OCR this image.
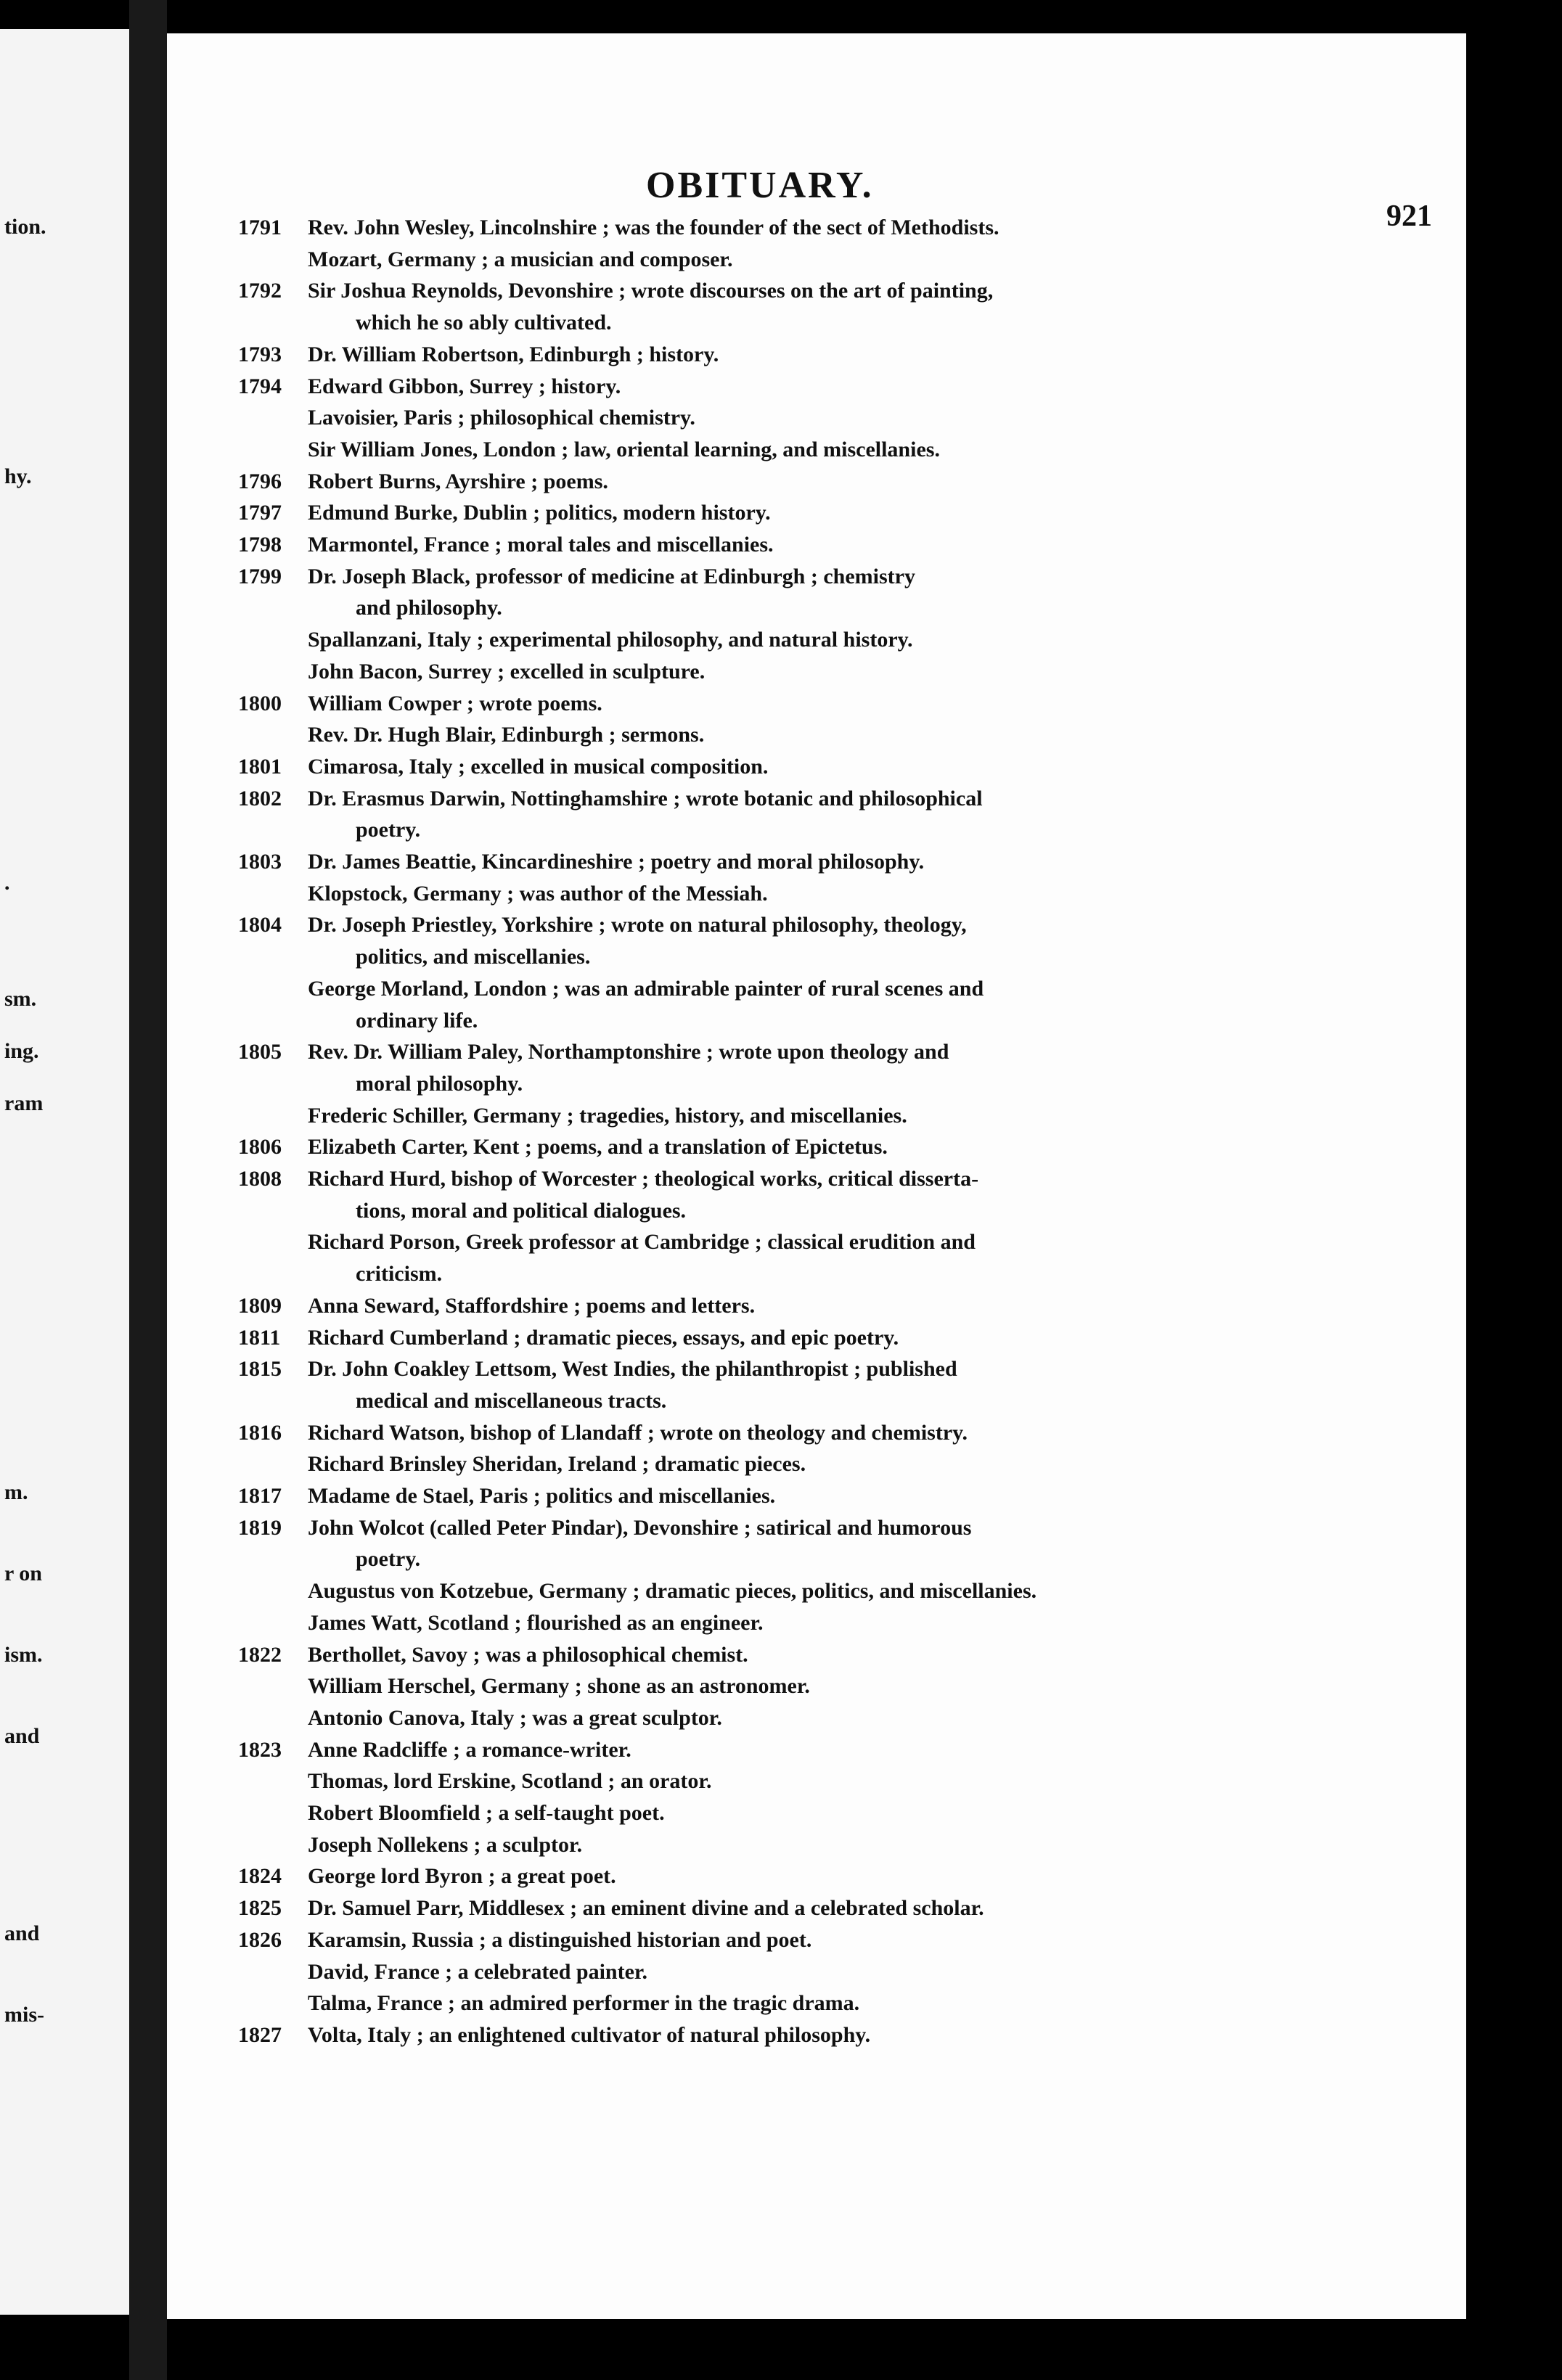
tion.
hy.
.
sm.
ing.
ram
m.
r on
ism.
and
and
mis-
OBITUARY.
921
1791 Rev. John Wesley, Lincolnshire ; was the founder of the sect of Methodists.
Mozart, Germany ; a musician and composer.
1792 Sir Joshua Reynolds, Devonshire ; wrote discourses on the art of painting,
which he so ably cultivated.
1793 Dr. William Robertson, Edinburgh ; history.
1794 Edward Gibbon, Surrey ; history.
Lavoisier, Paris ; philosophical chemistry.
Sir William Jones, London ; law, oriental learning, and miscellanies.
1796 Robert Burns, Ayrshire ; poems.
1797 Edmund Burke, Dublin ; politics, modern history.
1798 Marmontel, France ; moral tales and miscellanies.
1799 Dr. Joseph Black, professor of medicine at Edinburgh ; chemistry
and philosophy.
Spallanzani, Italy ; experimental philosophy, and natural history.
John Bacon, Surrey ; excelled in sculpture.
1800 William Cowper ; wrote poems.
Rev. Dr. Hugh Blair, Edinburgh ; sermons.
1801 Cimarosa, Italy ; excelled in musical composition.
1802 Dr. Erasmus Darwin, Nottinghamshire ; wrote botanic and philosophical
poetry.
1803 Dr. James Beattie, Kincardineshire ; poetry and moral philosophy.
Klopstock, Germany ; was author of the Messiah.
1804 Dr. Joseph Priestley, Yorkshire ; wrote on natural philosophy, theology,
politics, and miscellanies.
George Morland, London ; was an admirable painter of rural scenes and
ordinary life.
1805 Rev. Dr. William Paley, Northamptonshire ; wrote upon theology and
moral philosophy.
Frederic Schiller, Germany ; tragedies, history, and miscellanies.
1806 Elizabeth Carter, Kent ; poems, and a translation of Epictetus.
1808 Richard Hurd, bishop of Worcester ; theological works, critical disserta-
tions, moral and political dialogues.
Richard Porson, Greek professor at Cambridge ; classical erudition and
criticism.
1809 Anna Seward, Staffordshire ; poems and letters.
1811 Richard Cumberland ; dramatic pieces, essays, and epic poetry.
1815 Dr. John Coakley Lettsom, West Indies, the philanthropist ; published
medical and miscellaneous tracts.
1816 Richard Watson, bishop of Llandaff ; wrote on theology and chemistry.
Richard Brinsley Sheridan, Ireland ; dramatic pieces.
1817 Madame de Stael, Paris ; politics and miscellanies.
1819 John Wolcot (called Peter Pindar), Devonshire ; satirical and humorous
poetry.
Augustus von Kotzebue, Germany ; dramatic pieces, politics, and miscellanies.
James Watt, Scotland ; flourished as an engineer.
1822 Berthollet, Savoy ; was a philosophical chemist.
William Herschel, Germany ; shone as an astronomer.
Antonio Canova, Italy ; was a great sculptor.
1823 Anne Radcliffe ; a romance-writer.
Thomas, lord Erskine, Scotland ; an orator.
Robert Bloomfield ; a self-taught poet.
Joseph Nollekens ; a sculptor.
1824 George lord Byron ; a great poet.
1825 Dr. Samuel Parr, Middlesex ; an eminent divine and a celebrated scholar.
1826 Karamsin, Russia ; a distinguished historian and poet.
David, France ; a celebrated painter.
Talma, France ; an admired performer in the tragic drama.
1827 Volta, Italy ; an enlightened cultivator of natural philosophy.
